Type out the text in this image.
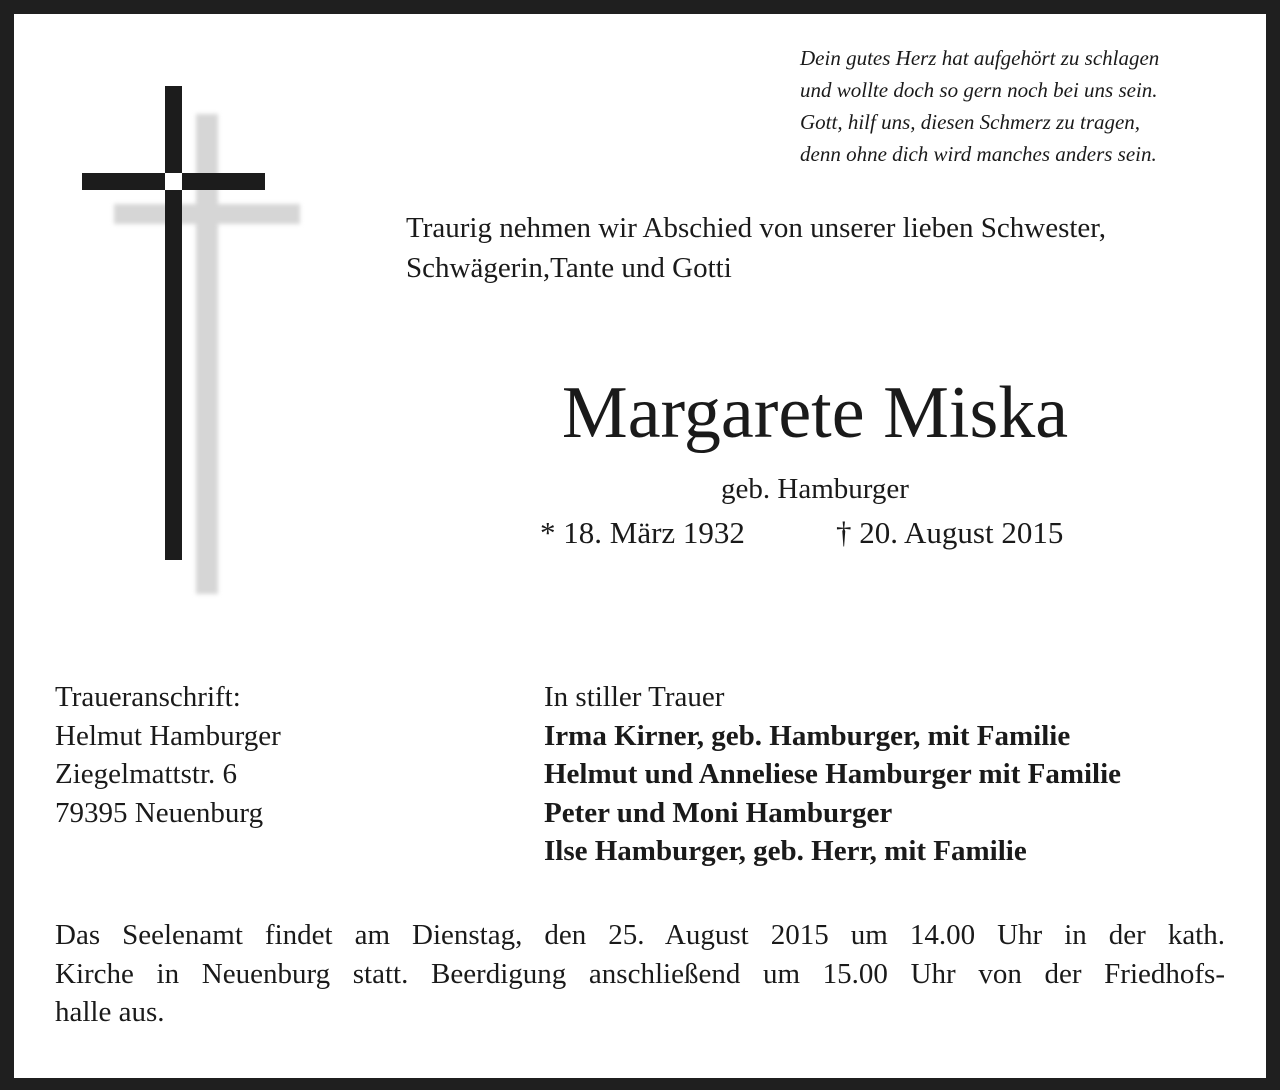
Dein gutes Herz hat aufgehört zu schlagen
und wollte doch so gern noch bei uns sein.
Gott, hilf uns, diesen Schmerz zu tragen,
denn ohne dich wird manches anders sein.
Traurig nehmen wir Abschied von unserer lieben Schwester,
Schwägerin,Tante und Gotti
Margarete Miska
geb. Hamburger
* 18. März 1932	† 20. August 2015
Traueranschrift:
Helmut Hamburger
Ziegelmattstr. 6
79395 Neuenburg
In stiller Trauer
Irma Kirner, geb. Hamburger, mit Familie
Helmut und Anneliese Hamburger mit Familie
Peter und Moni Hamburger
Ilse Hamburger, geb. Herr, mit Familie
Das Seelenamt findet am Dienstag, den 25. August 2015 um 14.00 Uhr in der kath.
Kirche in Neuenburg statt. Beerdigung anschließend um 15.00 Uhr von der Friedhofs-
halle aus.
